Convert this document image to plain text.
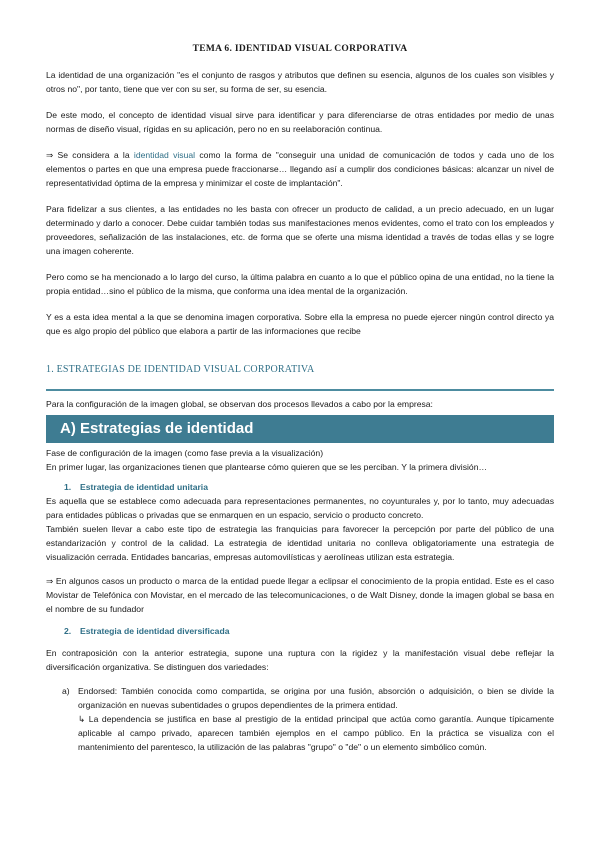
TEMA 6. IDENTIDAD VISUAL CORPORATIVA

La identidad de una organización "es el conjunto de rasgos y atributos que definen su esencia, algunos de los cuales son visibles y otros no", por tanto, tiene que ver con su ser, su forma de ser, su esencia.

De este modo, el concepto de identidad visual sirve para identificar y para diferenciarse de otras entidades por medio de unas normas de diseño visual, rígidas en su aplicación, pero no en su reelaboración continua.

⇒ Se considera a la identidad visual como la forma de "conseguir una unidad de comunicación de todos y cada uno de los elementos o partes en que una empresa puede fraccionarse… llegando así a cumplir dos condiciones básicas: alcanzar un nivel de representatividad óptima de la empresa y minimizar el coste de implantación".

Para fidelizar a sus clientes, a las entidades no les basta con ofrecer un producto de calidad, a un precio adecuado, en un lugar determinado y darlo a conocer. Debe cuidar también todas sus manifestaciones menos evidentes, como el trato con los empleados y proveedores, señalización de las instalaciones, etc. de forma que se oferte una misma identidad a través de todas ellas y se logre una imagen coherente.

Pero como se ha mencionado a lo largo del curso, la última palabra en cuanto a lo que el público opina de una entidad, no la tiene la propia entidad…sino el público de la misma, que conforma una idea mental de la organización.

Y es a esta idea mental a la que se denomina imagen corporativa. Sobre ella la empresa no puede ejercer ningún control directo ya que es algo propio del público que elabora a partir de las informaciones que recibe

1. ESTRATEGIAS DE IDENTIDAD VISUAL CORPORATIVA

Para la configuración de la imagen global, se observan dos procesos llevados a cabo por la empresa:

A) Estrategias de identidad

Fase de configuración de la imagen (como fase previa a la visualización)

En primer lugar, las organizaciones tienen que plantearse cómo quieren que se les perciban. Y la primera división…

1. Estrategia de identidad unitaria

Es aquella que se establece como adecuada para representaciones permanentes, no coyunturales y, por lo tanto, muy adecuadas para entidades públicas o privadas que se enmarquen en un espacio, servicio o producto concreto.

También suelen llevar a cabo este tipo de estrategia las franquicias para favorecer la percepción por parte del público de una estandarización y control de la calidad. La estrategia de identidad unitaria no conlleva obligatoriamente una estrategia de visualización cerrada. Entidades bancarias, empresas automovilísticas y aerolíneas utilizan esta estrategia.

⇒ En algunos casos un producto o marca de la entidad puede llegar a eclipsar el conocimiento de la propia entidad. Este es el caso Movistar de Telefónica con Movistar, en el mercado de las telecomunicaciones, o de Walt Disney, donde la imagen global se basa en el nombre de su fundador

2. Estrategia de identidad diversificada

En contraposición con la anterior estrategia, supone una ruptura con la rigidez y la manifestación visual debe reflejar la diversificación organizativa. Se distinguen dos variedades:

a) Endorsed: También conocida como compartida, se origina por una fusión, absorción o adquisición, o bien se divide la organización en nuevas subentidades o grupos dependientes de la primera entidad.

↳ La dependencia se justifica en base al prestigio de la entidad principal que actúa como garantía. Aunque típicamente aplicable al campo privado, aparecen también ejemplos en el campo público. En la práctica se visualiza con el mantenimiento del parentesco, la utilización de las palabras "grupo" o "de" o un elemento simbólico común.
